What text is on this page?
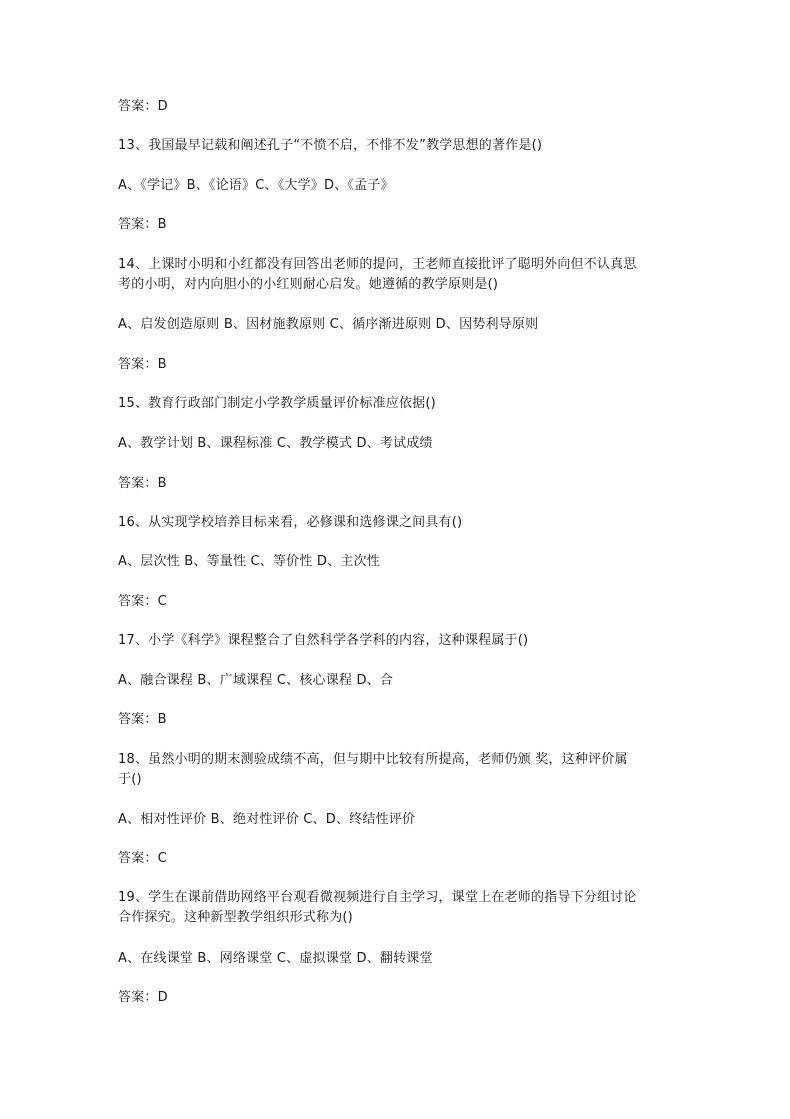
答案：D
13、我国最早记载和阐述孔子“不愤不启，不悱不发”教学思想的著作是()
A、《学记》B、《论语》C、《大学》D、《孟子》
答案：B
14、上课时小明和小红都没有回答出老师的提问，王老师直接批评了聪明外向但不认真思
考的小明，对内向胆小的小红则耐心启发。她遵循的教学原则是()
A、启发创造原则 B、因材施教原则 C、循序渐进原则 D、因势利导原则
答案：B
15、教育行政部门制定小学教学质量评价标准应依据()
A、教学计划 B、课程标准 C、教学模式 D、考试成绩
答案：B
16、从实现学校培养目标来看，必修课和选修课之间具有()
A、层次性 B、等量性 C、等价性 D、主次性
答案：C
17、小学《科学》课程整合了自然科学各学科的内容，这种课程属于()
A、融合课程 B、广域课程 C、核心课程 D、合
答案：B
18、虽然小明的期末测验成绩不高，但与期中比较有所提高，老师仍颁 奖，这种评价属
于()
A、相对性评价 B、绝对性评价 C、D、终结性评价
答案：C
19、学生在课前借助网络平台观看微视频进行自主学习，课堂上在老师的指导下分组讨论
合作探究。这种新型教学组织形式称为()
A、在线课堂 B、网络课堂 C、虚拟课堂 D、翻转课堂
答案：D
